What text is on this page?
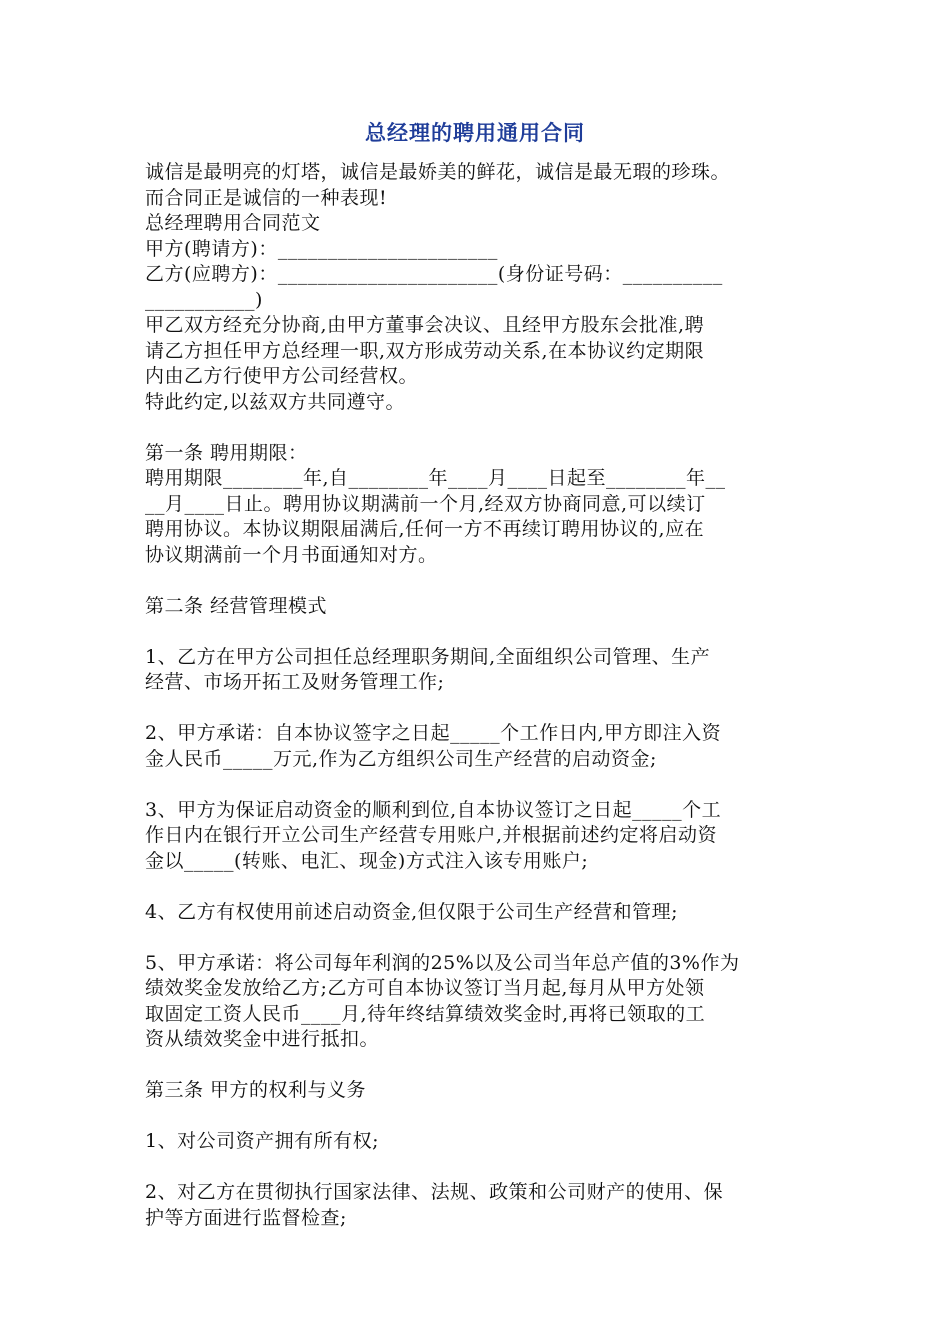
总经理的聘用通用合同
诚信是最明亮的灯塔，诚信是最娇美的鲜花，诚信是最无瑕的珍珠。
而合同正是诚信的一种表现!
总经理聘用合同范文
甲方(聘请方)：______________________
乙方(应聘方)：______________________(身份证号码：__________
___________)
甲乙双方经充分协商,由甲方董事会决议、且经甲方股东会批准,聘
请乙方担任甲方总经理一职,双方形成劳动关系,在本协议约定期限
内由乙方行使甲方公司经营权。
特此约定,以兹双方共同遵守。
第一条 聘用期限：
聘用期限________年,自________年____月____日起至________年__
__月____日止。聘用协议期满前一个月,经双方协商同意,可以续订
聘用协议。本协议期限届满后,任何一方不再续订聘用协议的,应在
协议期满前一个月书面通知对方。
第二条 经营管理模式
1、乙方在甲方公司担任总经理职务期间,全面组织公司管理、生产
经营、市场开拓工及财务管理工作;
2、甲方承诺：自本协议签字之日起_____个工作日内,甲方即注入资
金人民币_____万元,作为乙方组织公司生产经营的启动资金;
3、甲方为保证启动资金的顺利到位,自本协议签订之日起_____个工
作日内在银行开立公司生产经营专用账户,并根据前述约定将启动资
金以_____(转账、电汇、现金)方式注入该专用账户;
4、乙方有权使用前述启动资金,但仅限于公司生产经营和管理;
5、甲方承诺：将公司每年利润的25%以及公司当年总产值的3%作为
绩效奖金发放给乙方;乙方可自本协议签订当月起,每月从甲方处领
取固定工资人民币____月,待年终结算绩效奖金时,再将已领取的工
资从绩效奖金中进行抵扣。
第三条 甲方的权利与义务
1、对公司资产拥有所有权;
2、对乙方在贯彻执行国家法律、法规、政策和公司财产的使用、保
护等方面进行监督检查;
